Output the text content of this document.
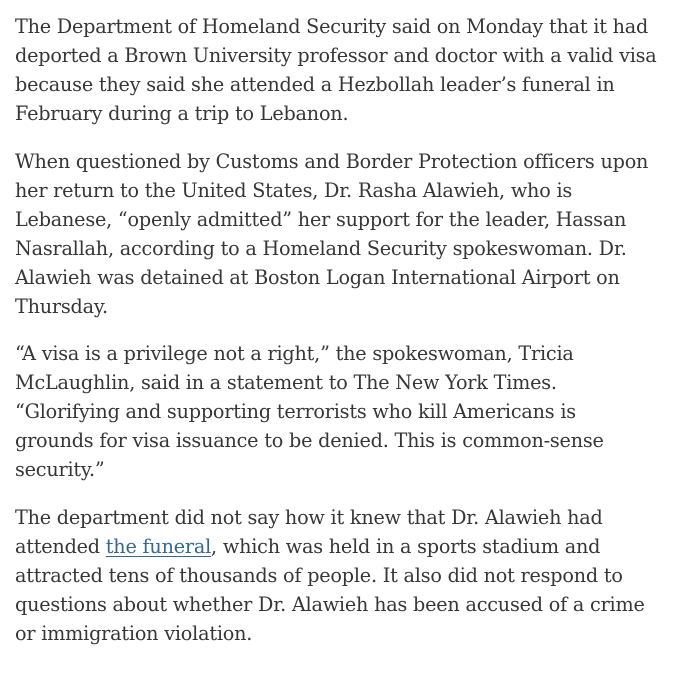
The Department of Homeland Security said on Monday that it had
deported a Brown University professor and doctor with a valid visa
because they said she attended a Hezbollah leader’s funeral in
February during a trip to Lebanon.

When questioned by Customs and Border Protection officers upon
her return to the United States, Dr. Rasha Alawieh, who is
Lebanese, “openly admitted” her support for the leader, Hassan
Nasrallah, according to a Homeland Security spokeswoman. Dr.
Alawieh was detained at Boston Logan International Airport on
Thursday.

“A visa is a privilege not a right,” the spokeswoman, Tricia
McLaughlin, said in a statement to The New York Times.
“Glorifying and supporting terrorists who kill Americans is
grounds for visa issuance to be denied. This is common-sense
security.”

The department did not say how it knew that Dr. Alawieh had
attended the funeral, which was held in a sports stadium and
attracted tens of thousands of people. It also did not respond to
questions about whether Dr. Alawieh has been accused of a crime
or immigration violation.
